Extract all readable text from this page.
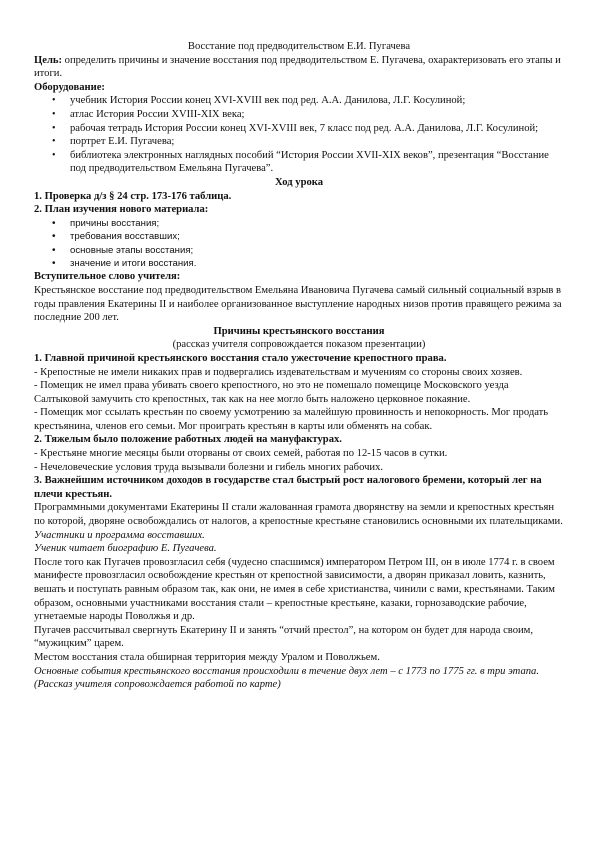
Восстание под предводительством Е.И. Пугачева

Цель: определить причины и значение восстания под предводительством Е. Пугачева, охарактеризовать его этапы и итоги.

Оборудование:

• учебник История России конец XVI-XVIII век под ред. А.А. Данилова, Л.Г. Косулиной;
• атлас История России XVIII-XIX века;
• рабочая тетрадь История России конец XVI-XVIII век, 7 класс под ред. А.А. Данилова, Л.Г. Косулиной;
• портрет Е.И. Пугачева;
• библиотека электронных наглядных пособий “История России XVII-XIX веков”, презентация “Восстание под предводительством Емельяна Пугачева”.

Ход урока

1. Проверка д/з § 24 стр. 173-176 таблица.

2. План изучения нового материала:

• причины восстания;
• требования восставших;
• основные этапы восстания;
• значение и итоги восстания.

Вступительное слово учителя:

Крестьянское восстание под предводительством Емельяна Ивановича Пугачева самый сильный социальный взрыв в годы правления Екатерины II и наиболее организованное выступление народных низов против правящего режима за последние 200 лет.

Причины крестьянского восстания

(рассказ учителя сопровождается показом презентации)

1. Главной причиной крестьянского восстания стало ужесточение крепостного права.

- Крепостные не имели никаких прав и подвергались издевательствам и мучениям со стороны своих хозяев.

- Помещик не имел права убивать своего крепостного, но это не помешало помещице Московского уезда Салтыковой замучить сто крепостных, так как на нее могло быть наложено церковное покаяние.

- Помещик мог ссылать крестьян по своему усмотрению за малейшую провинность и непокорность. Мог продать крестьянина, членов его семьи. Мог проиграть крестьян в карты или обменять на собак.

2. Тяжелым было положение работных людей на мануфактурах.

- Крестьяне многие месяцы были оторваны от своих семей, работая по 12-15 часов в сутки.

- Нечеловеческие условия труда вызывали болезни и гибель многих рабочих.

3. Важнейшим источником доходов в государстве стал быстрый рост налогового бремени, который лег на плечи крестьян.

Программными документами Екатерины II стали жалованная грамота дворянству на земли и крепостных крестьян по которой, дворяне освобождались от налогов, а крепостные крестьяне становились основными их плательщиками.

Участники и программа восставших.

Ученик читает биографию Е. Пугачева.

После того как Пугачев провозгласил себя (чудесно спасшимся) императором Петром III, он в июле 1774 г. в своем манифесте провозгласил освобождение крестьян от крепостной зависимости, а дворян приказал ловить, казнить, вешать и поступать равным образом так, как они, не имея в себе христианства, чинили с вами, крестьянами. Таким образом, основными участниками восстания стали – крепостные крестьяне, казаки, горнозаводские рабочие, угнетаемые народы Поволжья и др.

Пугачев рассчитывал свергнуть Екатерину II и занять “отчий престол”, на котором он будет для народа своим, “мужицким” царем.

Местом восстания стала обширная территория между Уралом и Поволжьем.

Основные события крестьянского восстания происходили в течение двух лет – с 1773 по 1775 гг. в три этапа. (Рассказ учителя сопровождается работой по карте)
